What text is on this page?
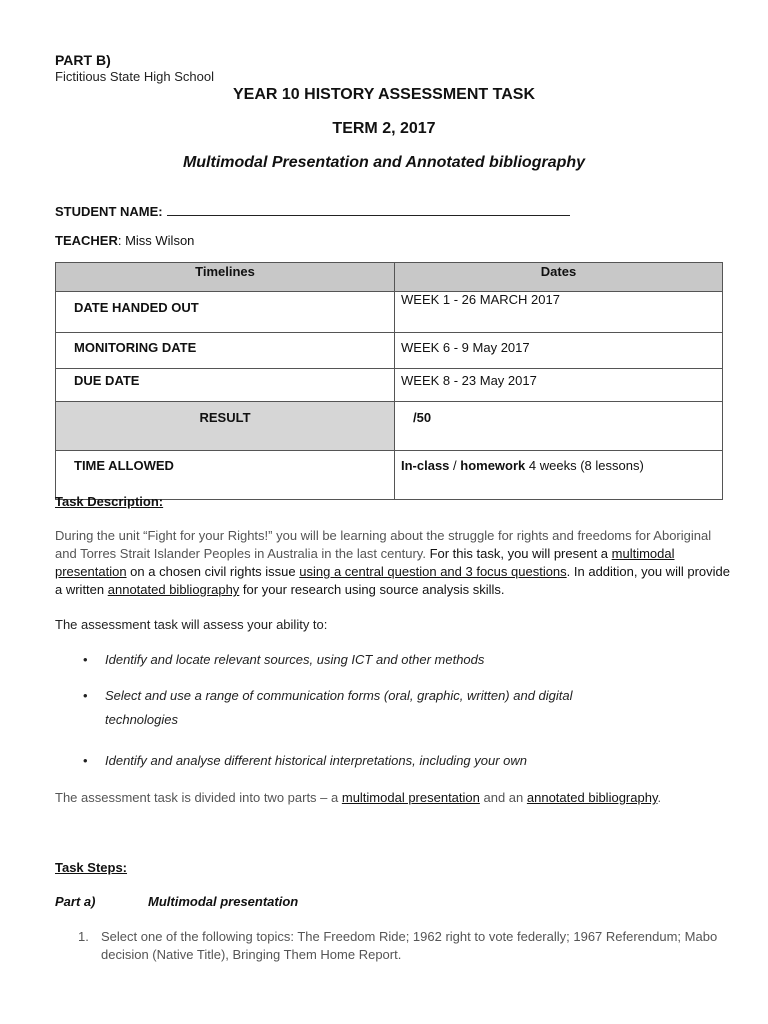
PART B)
Fictitious State High School
YEAR 10 HISTORY ASSESSMENT TASK
TERM 2, 2017
Multimodal Presentation and Annotated bibliography
STUDENT NAME:
TEACHER: Miss Wilson
Timelines	Dates
DATE HANDED OUT	WEEK 1 - 26 MARCH 2017
MONITORING DATE	WEEK 6 - 9 May 2017
DUE DATE	WEEK 8 - 23 May 2017
RESULT	/50
TIME ALLOWED	In-class / homework 4 weeks (8 lessons)
Task Description:
During the unit “Fight for your Rights!” you will be learning about the struggle for rights and freedoms for Aboriginal and Torres Strait Islander Peoples in Australia in the last century. For this task, you will present a multimodal presentation on a chosen civil rights issue using a central question and 3 focus questions. In addition, you will provide a written annotated bibliography for your research using source analysis skills.
The assessment task will assess your ability to:
• Identify and locate relevant sources, using ICT and other methods
• Select and use a range of communication forms (oral, graphic, written) and digital technologies
• Identify and analyse different historical interpretations, including your own
The assessment task is divided into two parts – a multimodal presentation and an annotated bibliography.
Task Steps:
Part a)	Multimodal presentation
1. Select one of the following topics: The Freedom Ride; 1962 right to vote federally; 1967 Referendum; Mabo decision (Native Title), Bringing Them Home Report.
